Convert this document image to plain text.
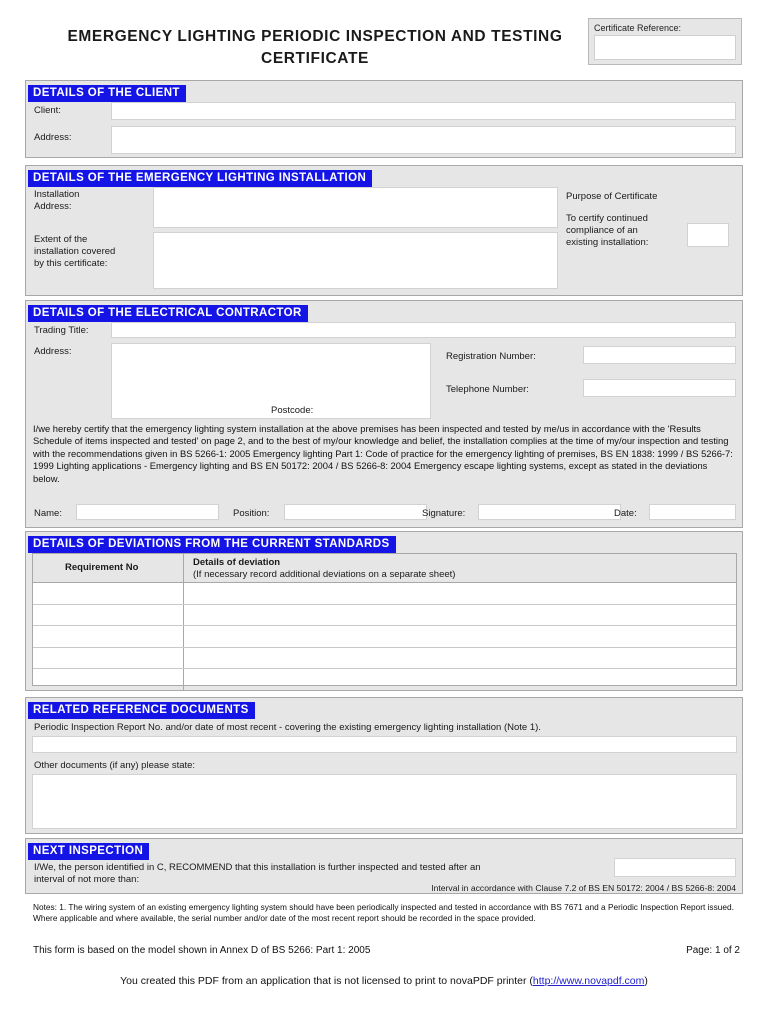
EMERGENCY LIGHTING PERIODIC INSPECTION AND TESTING CERTIFICATE
Certificate Reference:
DETAILS OF THE CLIENT
Client:
Address:
DETAILS OF THE EMERGENCY LIGHTING INSTALLATION
Installation
Address:
Extent of the
installation covered
by this certificate:
Purpose of Certificate
To certify continued
compliance of an
existing installation:
DETAILS OF THE ELECTRICAL CONTRACTOR
Trading Title:
Address:
Postcode:
Registration Number:
Telephone Number:
I/we hereby certify that the emergency lighting system installation at the above premises has been inspected and tested by me/us in accordance with the 'Results Schedule of items inspected and tested' on page 2, and to the best of my/our knowledge and belief, the installation complies at the time of my/our inspection and testing with the recommendations given in BS 5266-1: 2005 Emergency lighting Part 1: Code of practice for the emergency lighting of premises, BS EN 1838: 1999 / BS 5266-7: 1999 Lighting applications - Emergency lighting and BS EN 50172: 2004 / BS 5266-8: 2004 Emergency escape lighting systems, except as stated in the deviations below.
Name:	Position:	Signature:	Date:
DETAILS OF DEVIATIONS FROM THE CURRENT STANDARDS
Requirement No	Details of deviation
(If necessary record additional deviations on a separate sheet)
RELATED REFERENCE DOCUMENTS
Periodic Inspection Report No. and/or date of most recent - covering the existing emergency lighting installation (Note 1).
Other documents (if any) please state:
NEXT INSPECTION
I/We, the person identified in C, RECOMMEND that this installation is further inspected and tested after an
interval of not more than:
Interval in accordance with Clause 7.2 of BS EN 50172: 2004 / BS 5266-8: 2004
Notes: 1. The wiring system of an existing emergency lighting system should have been periodically inspected and tested in accordance with BS 7671 and a Periodic Inspection Report issued. Where applicable and where available, the serial number and/or date of the most recent report should be recorded in the space provided.
This form is based on the model shown in Annex D of BS 5266: Part 1: 2005	Page: 1 of 2
You created this PDF from an application that is not licensed to print to novaPDF printer (http://www.novapdf.com)
